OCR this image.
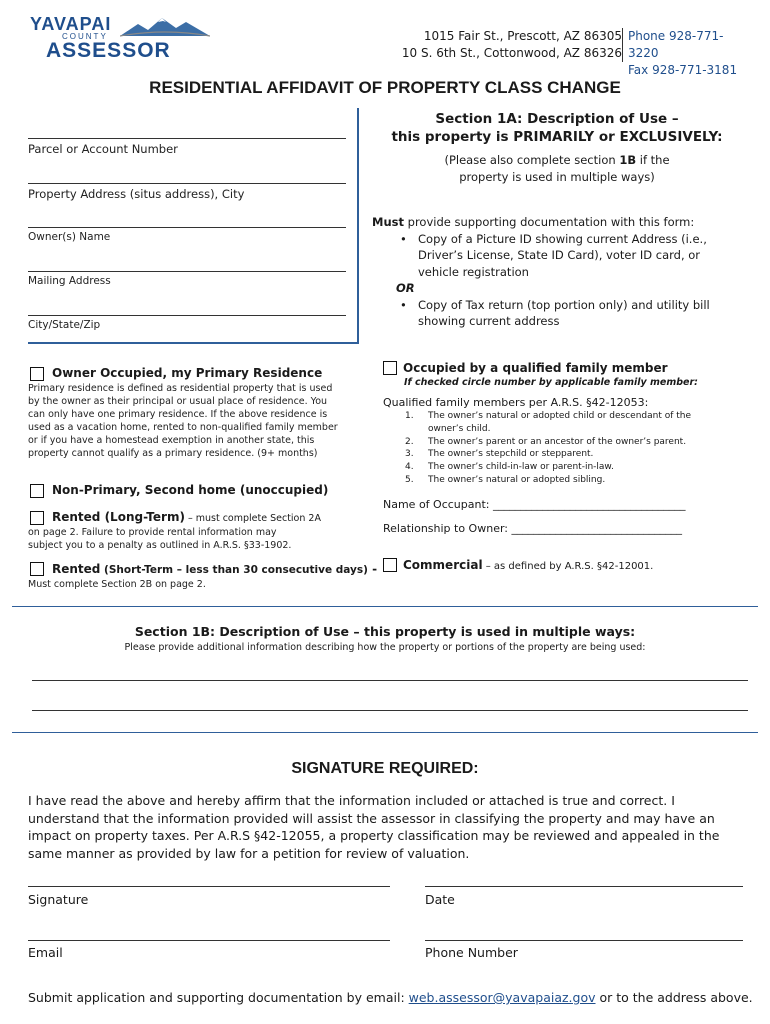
YAVAPAI
COUNTY
ASSESSOR
1015 Fair St., Prescott, AZ 86305
10 S. 6th St., Cottonwood, AZ 86326
Phone 928-771-3220
Fax 928-771-3181
RESIDENTIAL AFFIDAVIT OF PROPERTY CLASS CHANGE
Parcel or Account Number
Property Address (situs address), City
Owner(s) Name
Mailing Address
City/State/Zip
Section 1A: Description of Use –
this property is PRIMARILY or EXCLUSIVELY:
(Please also complete section 1B if the
property is used in multiple ways)
Must provide supporting documentation with this form:
• Copy of a Picture ID showing current Address (i.e.,
Driver’s License, State ID Card), voter ID card, or
vehicle registration
OR
• Copy of Tax return (top portion only) and utility bill
showing current address
Owner Occupied, my Primary Residence
Primary residence is defined as residential property that is used
by the owner as their principal or usual place of residence. You
can only have one primary residence. If the above residence is
used as a vacation home, rented to non-qualified family member
or if you have a homestead exemption in another state, this
property cannot qualify as a primary residence. (9+ months)
Non-Primary, Second home (unoccupied)
Rented (Long-Term) – must complete Section 2A
on page 2. Failure to provide rental information may
subject you to a penalty as outlined in A.R.S. §33-1902.
Rented (Short-Term – less than 30 consecutive days) -
Must complete Section 2B on page 2.
Occupied by a qualified family member
If checked circle number by applicable family member:
Qualified family members per A.R.S. §42-12053:
1. The owner’s natural or adopted child or descendant of the
owner’s child.
2. The owner’s parent or an ancestor of the owner’s parent.
3. The owner’s stepchild or stepparent.
4. The owner’s child-in-law or parent-in-law.
5. The owner’s natural or adopted sibling.
Name of Occupant: ___________________________________
Relationship to Owner: _______________________________
Commercial – as defined by A.R.S. §42-12001.
Section 1B: Description of Use – this property is used in multiple ways:
Please provide additional information describing how the property or portions of the property are being used:
SIGNATURE REQUIRED:
I have read the above and hereby affirm that the information included or attached is true and correct. I
understand that the information provided will assist the assessor in classifying the property and may have an
impact on property taxes. Per A.R.S §42-12055, a property classification may be reviewed and appealed in the
same manner as provided by law for a petition for review of valuation.
Signature	Date
Email	Phone Number
Submit application and supporting documentation by email: web.assessor@yavapaiaz.gov or to the address above.
